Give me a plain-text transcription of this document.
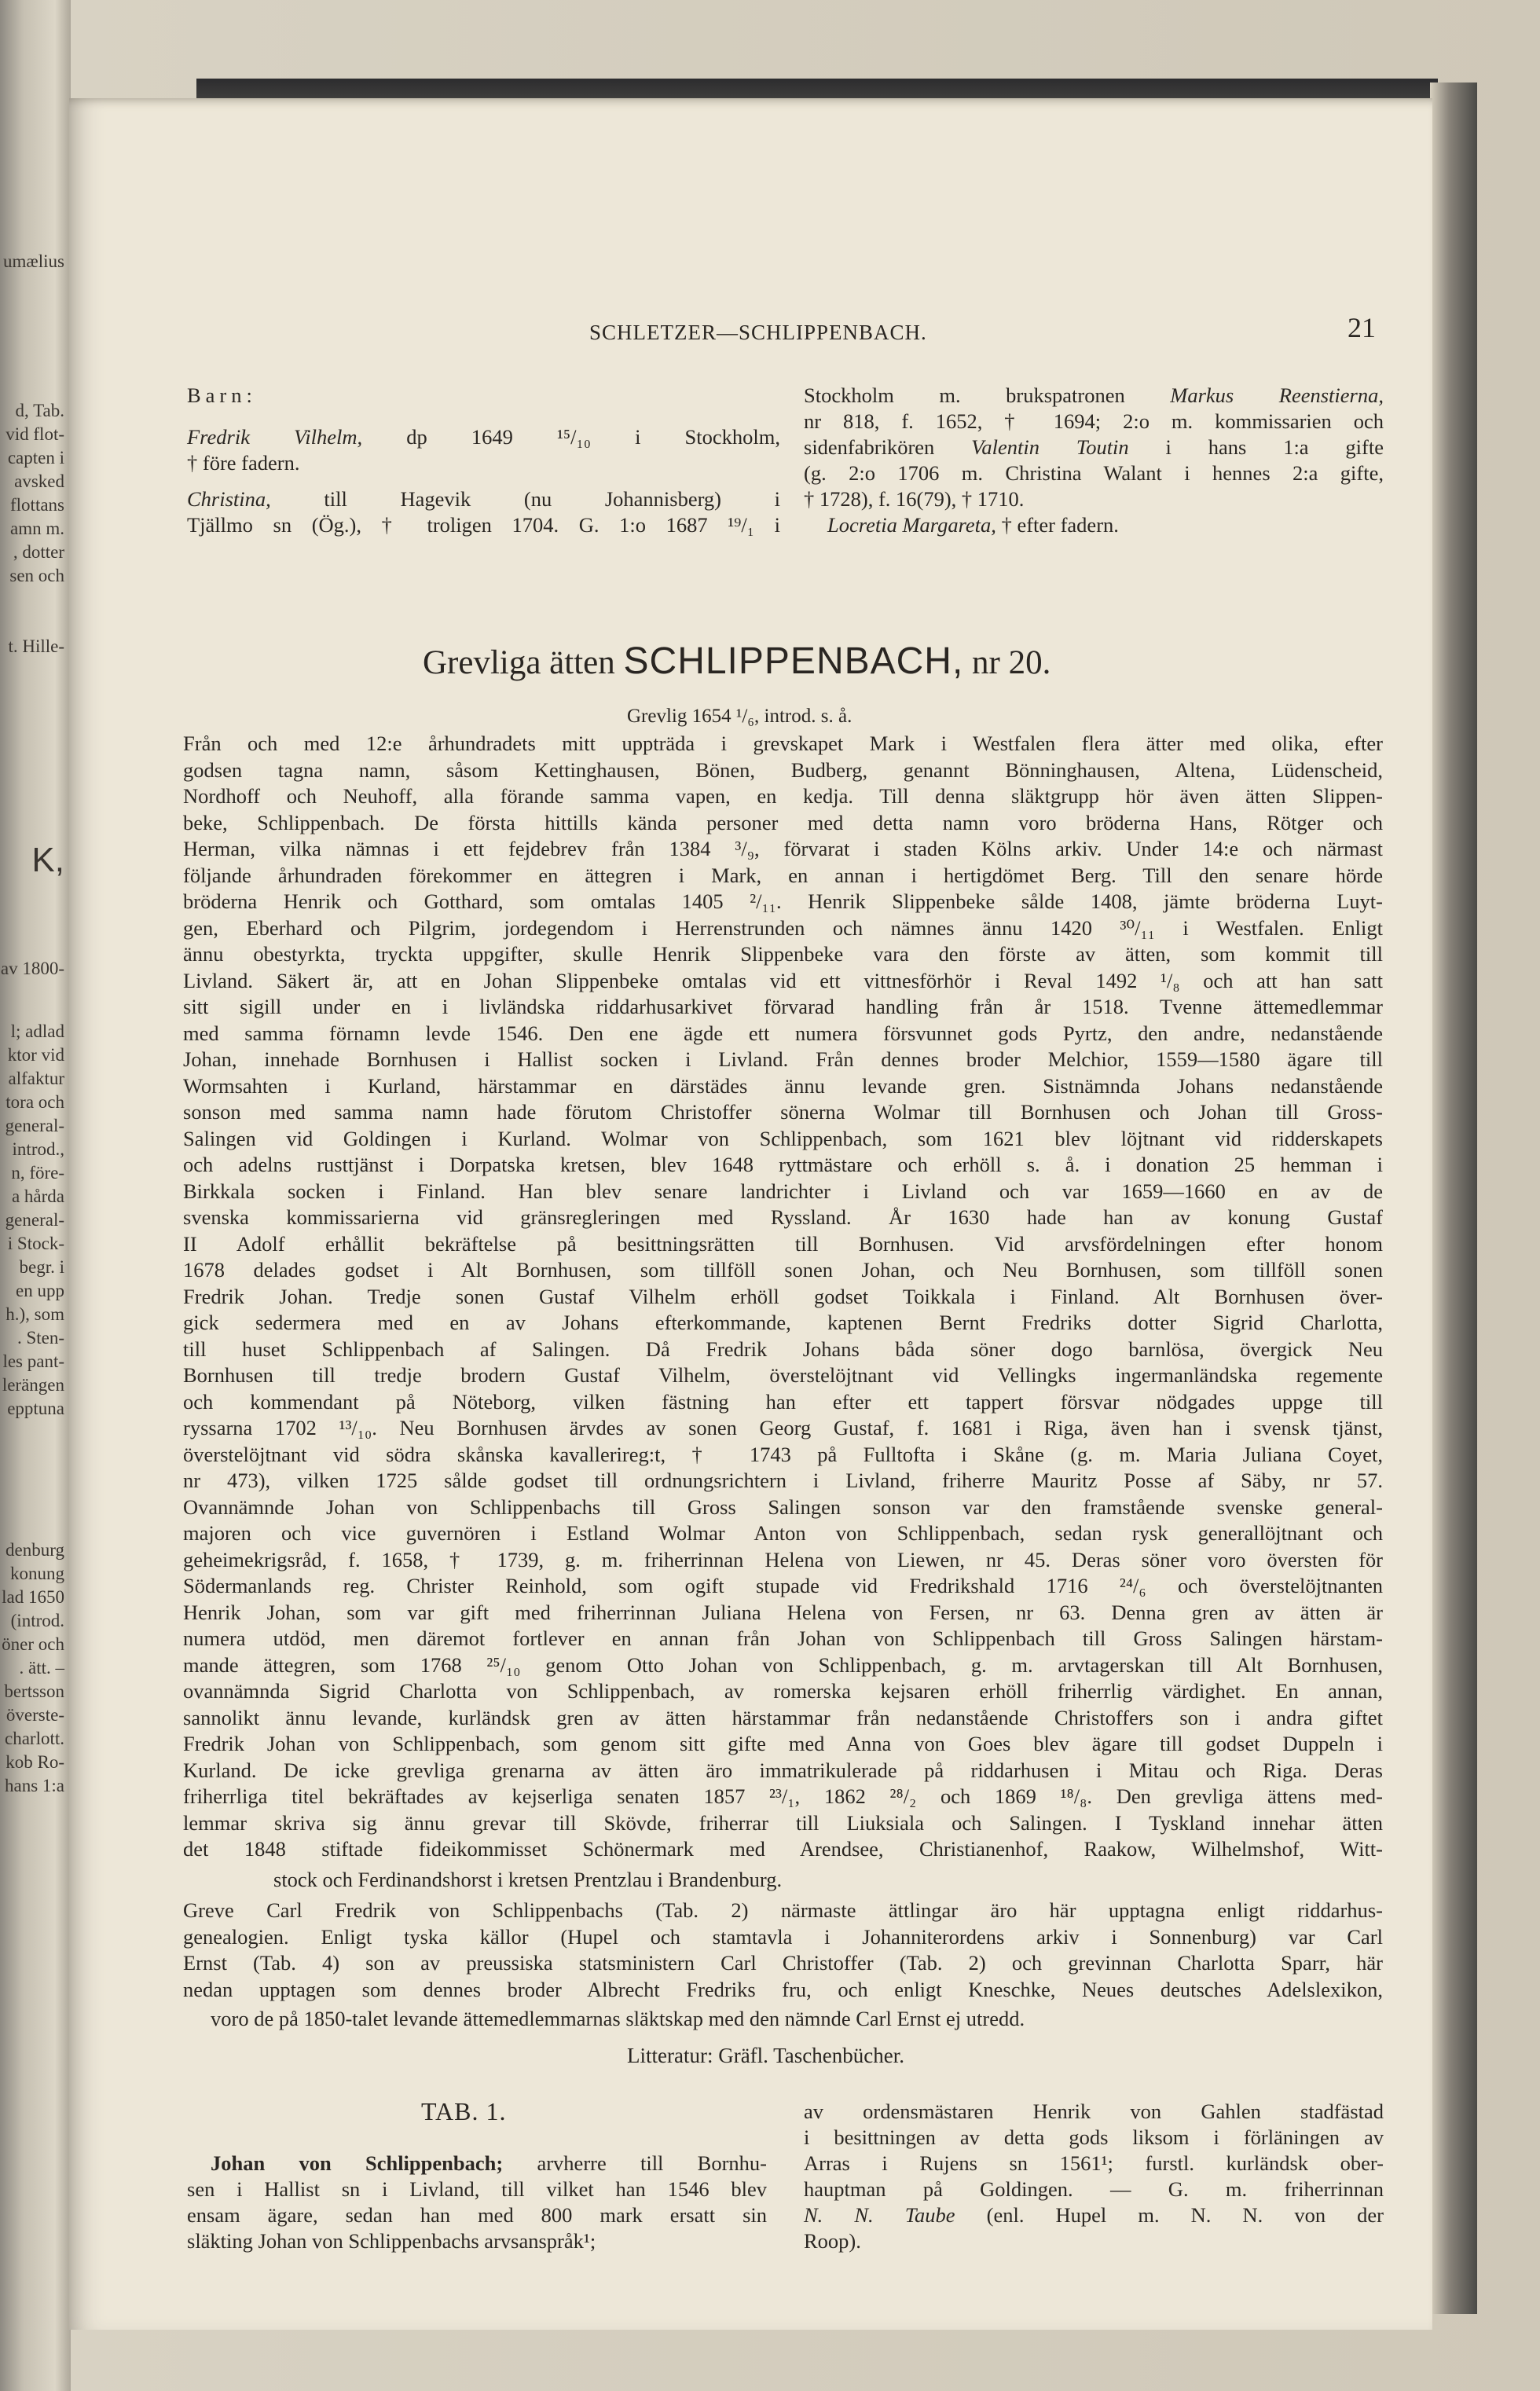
umælius
d, Tab.
vid flot-
capten i
avsked
flottans
amn m.
, dotter
sen och
t. Hille-
K,
av 1800-
l; adlad
ktor vid
alfaktur
tora och
general-
introd.,
n, före-
a hårda
general-
i Stock-
begr. i
en upp
h.), som
. Sten-
les pant-
lerängen
epptuna
denburg
konung
lad 1650
(introd.
öner och
. ätt. –
bertsson
överste-
charlott.
kob Ro-
hans 1:a
SCHLETZER—SCHLIPPENBACH.	21
Barn:
Fredrik Vilhelm, dp 1649 ¹⁵/₁₀ i Stockholm,
† före fadern.
Christina, till Hagevik (nu Johannisberg) i
Tjällmo sn (Ög.), † troligen 1704. G. 1:o 1687 ¹⁹/₁ i
Stockholm m. brukspatronen Markus Reenstierna,
nr 818, f. 1652, † 1694; 2:o m. kommissarien och
sidenfabrikören Valentin Toutin i hans 1:a gifte
(g. 2:o 1706 m. Christina Walant i hennes 2:a gifte,
† 1728), f. 16(79), † 1710.
Locretia Margareta, † efter fadern.
Grevliga ätten SCHLIPPENBACH, nr 20.
Grevlig 1654 ¹/₆, introd. s. å.
Från och med 12:e århundradets mitt uppträda i grevskapet Mark i Westfalen flera ätter med olika, efter
godsen tagna namn, såsom Kettinghausen, Bönen, Budberg, genannt Bönninghausen, Altena, Lüdenscheid,
Nordhoff och Neuhoff, alla förande samma vapen, en kedja. Till denna släktgrupp hör även ätten Slippen-
beke, Schlippenbach. De första hittills kända personer med detta namn voro bröderna Hans, Rötger och
Herman, vilka nämnas i ett fejdebrev från 1384 ³/₉, förvarat i staden Kölns arkiv. Under 14:e och närmast
följande århundraden förekommer en ättegren i Mark, en annan i hertigdömet Berg. Till den senare hörde
bröderna Henrik och Gotthard, som omtalas 1405 ²/₁₁. Henrik Slippenbeke sålde 1408, jämte bröderna Luyt-
gen, Eberhard och Pilgrim, jordegendom i Herrenstrunden och nämnes ännu 1420 ³⁰/₁₁ i Westfalen. Enligt
ännu obestyrkta, tryckta uppgifter, skulle Henrik Slippenbeke vara den förste av ätten, som kommit till
Livland. Säkert är, att en Johan Slippenbeke omtalas vid ett vittnesförhör i Reval 1492 ¹/₈ och att han satt
sitt sigill under en i livländska riddarhusarkivet förvarad handling från år 1518. Tvenne ättemedlemmar
med samma förnamn levde 1546. Den ene ägde ett numera försvunnet gods Pyrtz, den andre, nedanstående
Johan, innehade Bornhusen i Hallist socken i Livland. Från dennes broder Melchior, 1559—1580 ägare till
Wormsahten i Kurland, härstammar en därstädes ännu levande gren. Sistnämnda Johans nedanstående
sonson med samma namn hade förutom Christoffer sönerna Wolmar till Bornhusen och Johan till Gross-
Salingen vid Goldingen i Kurland. Wolmar von Schlippenbach, som 1621 blev löjtnant vid ridderskapets
och adelns rusttjänst i Dorpatska kretsen, blev 1648 ryttmästare och erhöll s. å. i donation 25 hemman i
Birkkala socken i Finland. Han blev senare landrichter i Livland och var 1659—1660 en av de
svenska kommissarierna vid gränsregleringen med Ryssland. År 1630 hade han av konung Gustaf
II Adolf erhållit bekräftelse på besittningsrätten till Bornhusen. Vid arvsfördelningen efter honom
1678 delades godset i Alt Bornhusen, som tillföll sonen Johan, och Neu Bornhusen, som tillföll sonen
Fredrik Johan. Tredje sonen Gustaf Vilhelm erhöll godset Toikkala i Finland. Alt Bornhusen över-
gick sedermera med en av Johans efterkommande, kaptenen Bernt Fredriks dotter Sigrid Charlotta,
till huset Schlippenbach af Salingen. Då Fredrik Johans båda söner dogo barnlösa, övergick Neu
Bornhusen till tredje brodern Gustaf Vilhelm, överstelöjtnant vid Vellingks ingermanländska regemente
och kommendant på Nöteborg, vilken fästning han efter ett tappert försvar nödgades uppge till
ryssarna 1702 ¹³/₁₀. Neu Bornhusen ärvdes av sonen Georg Gustaf, f. 1681 i Riga, även han i svensk tjänst,
överstelöjtnant vid södra skånska kavallerireg:t, † 1743 på Fulltofta i Skåne (g. m. Maria Juliana Coyet,
nr 473), vilken 1725 sålde godset till ordnungsrichtern i Livland, friherre Mauritz Posse af Säby, nr 57.
Ovannämnde Johan von Schlippenbachs till Gross Salingen sonson var den framstående svenske general-
majoren och vice guvernören i Estland Wolmar Anton von Schlippenbach, sedan rysk generallöjtnant och
geheimekrigsråd, f. 1658, † 1739, g. m. friherrinnan Helena von Liewen, nr 45. Deras söner voro översten för
Södermanlands reg. Christer Reinhold, som ogift stupade vid Fredrikshald 1716 ²⁴/₆ och överstelöjtnanten
Henrik Johan, som var gift med friherrinnan Juliana Helena von Fersen, nr 63. Denna gren av ätten är
numera utdöd, men däremot fortlever en annan från Johan von Schlippenbach till Gross Salingen härstam-
mande ättegren, som 1768 ²⁵/₁₀ genom Otto Johan von Schlippenbach, g. m. arvtagerskan till Alt Bornhusen,
ovannämnda Sigrid Charlotta von Schlippenbach, av romerska kejsaren erhöll friherrlig värdighet. En annan,
sannolikt ännu levande, kurländsk gren av ätten härstammar från nedanstående Christoffers son i andra giftet
Fredrik Johan von Schlippenbach, som genom sitt gifte med Anna von Goes blev ägare till godset Duppeln i
Kurland. De icke grevliga grenarna av ätten äro immatrikulerade på riddarhusen i Mitau och Riga. Deras
friherrliga titel bekräftades av kejserliga senaten 1857 ²³/₁, 1862 ²⁸/₂ och 1869 ¹⁸/₈. Den grevliga ättens med-
lemmar skriva sig ännu grevar till Skövde, friherrar till Liuksiala och Salingen. I Tyskland innehar ätten
det 1848 stiftade fideikommisset Schönermark med Arendsee, Christianenhof, Raakow, Wilhelmshof, Witt-
stock och Ferdinandshorst i kretsen Prentzlau i Brandenburg.
Greve Carl Fredrik von Schlippenbachs (Tab. 2) närmaste ättlingar äro här upptagna enligt riddarhus-
genealogien. Enligt tyska källor (Hupel och stamtavla i Johanniterordens arkiv i Sonnenburg) var Carl
Ernst (Tab. 4) son av preussiska statsministern Carl Christoffer (Tab. 2) och grevinnan Charlotta Sparr, här
nedan upptagen som dennes broder Albrecht Fredriks fru, och enligt Kneschke, Neues deutsches Adelslexikon,
voro de på 1850-talet levande ättemedlemmarnas släktskap med den nämnde Carl Ernst ej utredd.
Litteratur: Gräfl. Taschenbücher.
TAB. 1.
Johan von Schlippenbach; arvherre till Bornhu-
sen i Hallist sn i Livland, till vilket han 1546 blev
ensam ägare, sedan han med 800 mark ersatt sin
släkting Johan von Schlippenbachs arvsanspråk¹;
av ordensmästaren Henrik von Gahlen stadfästad
i besittningen av detta gods liksom i förläningen av
Arras i Rujens sn 1561¹; furstl. kurländsk ober-
hauptman på Goldingen. — G. m. friherrinnan
N. N. Taube (enl. Hupel m. N. N. von der
Roop).
